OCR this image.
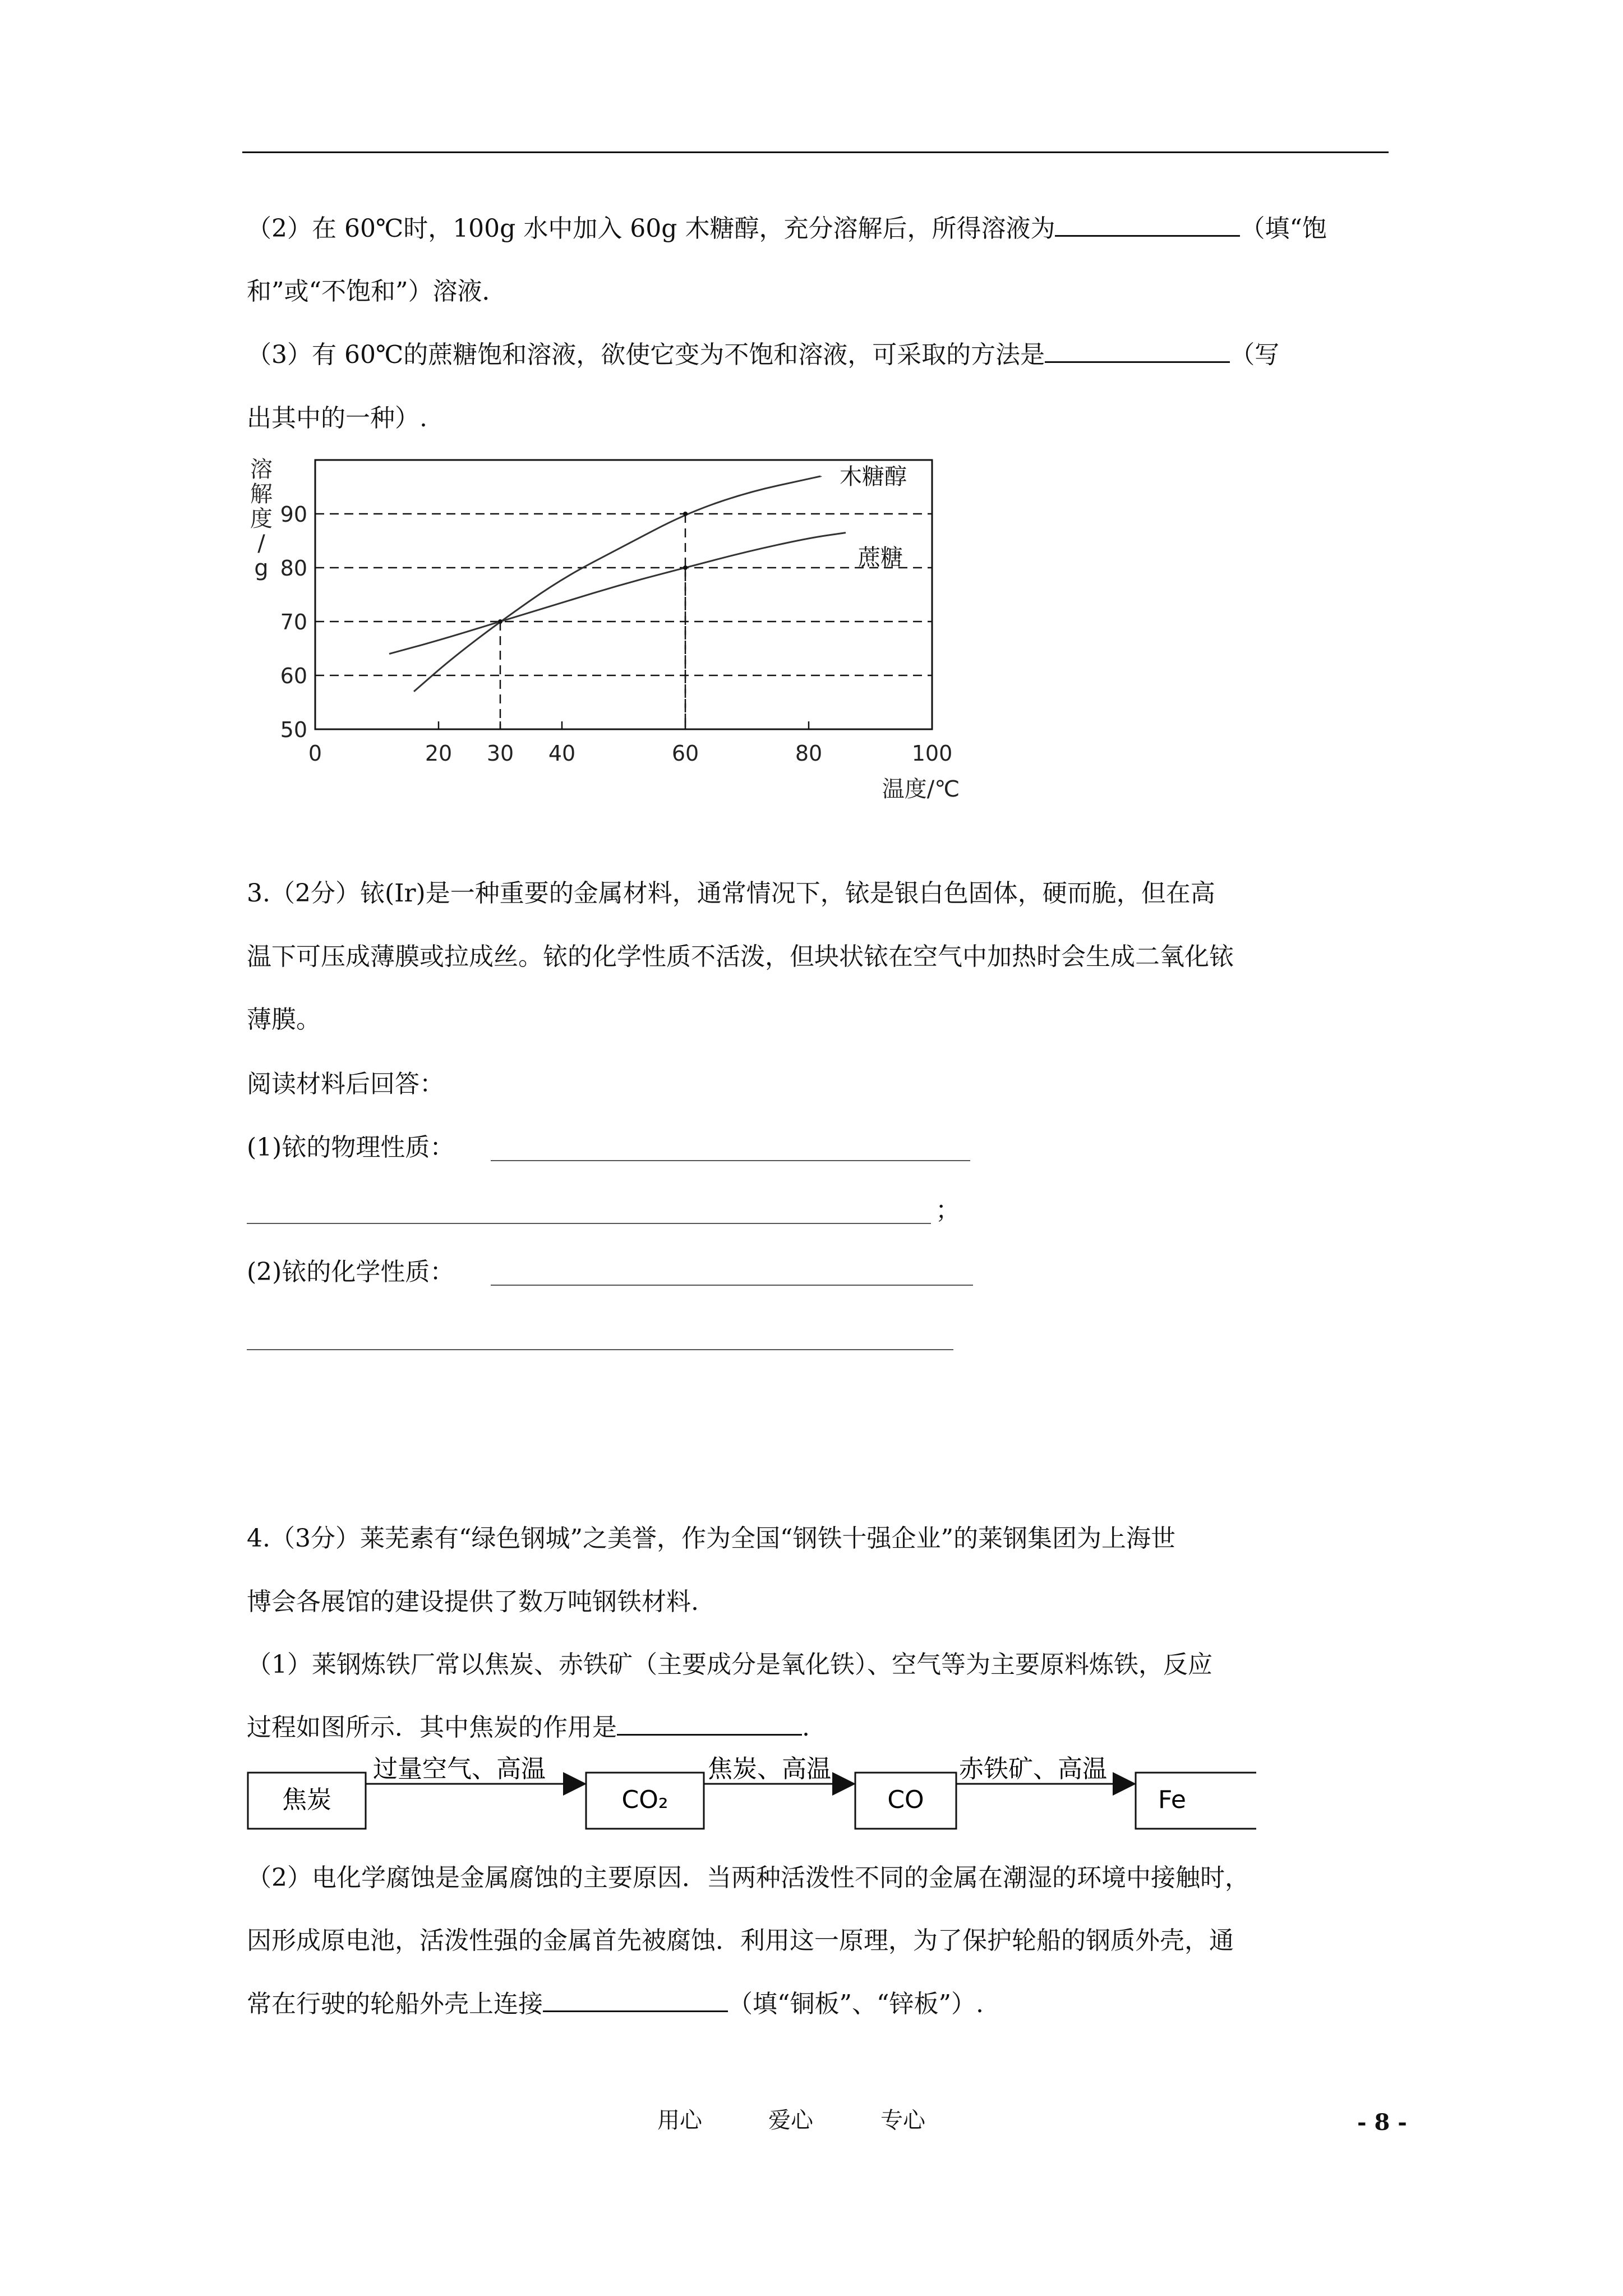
（2）在 60℃时，100g 水中加入 60g 木糖醇，充分溶解后，所得溶液为	（填“饱
和”或“不饱和”）溶液．
（3）有 60℃的蔗糖饱和溶液，欲使它变为不饱和溶液，可采取的方法是	（写
出其中的一种）.
50
60
70
80
90
0	20 30 40	60	80	100
溶
解
度
/
g
温度/℃
木糖醇
蔗糖
3.（2分）铱(Ir)是一种重要的金属材料，通常情况下，铱是银白色固体，硬而脆，但在高
温下可压成薄膜或拉成丝。铱的化学性质不活泼，但块状铱在空气中加热时会生成二氧化铱
薄膜。
阅读材料后回答：
(1)铱的物理性质：
；
(2)铱的化学性质：
4.（3分）莱芜素有“绿色钢城”之美誉，作为全国“钢铁十强企业”的莱钢集团为上海世
博会各展馆的建设提供了数万吨钢铁材料.
（1）莱钢炼铁厂常以焦炭、赤铁矿（主要成分是氧化铁）、空气等为主要原料炼铁，反应
过程如图所示．其中焦炭的作用是	.
焦炭	CO₂	CO	Fe
过量空气、高温	焦炭、高温	赤铁矿、高温
（2）电化学腐蚀是金属腐蚀的主要原因．当两种活泼性不同的金属在潮湿的环境中接触时，
因形成原电池，活泼性强的金属首先被腐蚀．利用这一原理，为了保护轮船的钢质外壳，通
常在行驶的轮船外壳上连接	（填“铜板”、“锌板”）.
用心	爱心	专心	- 8 -
